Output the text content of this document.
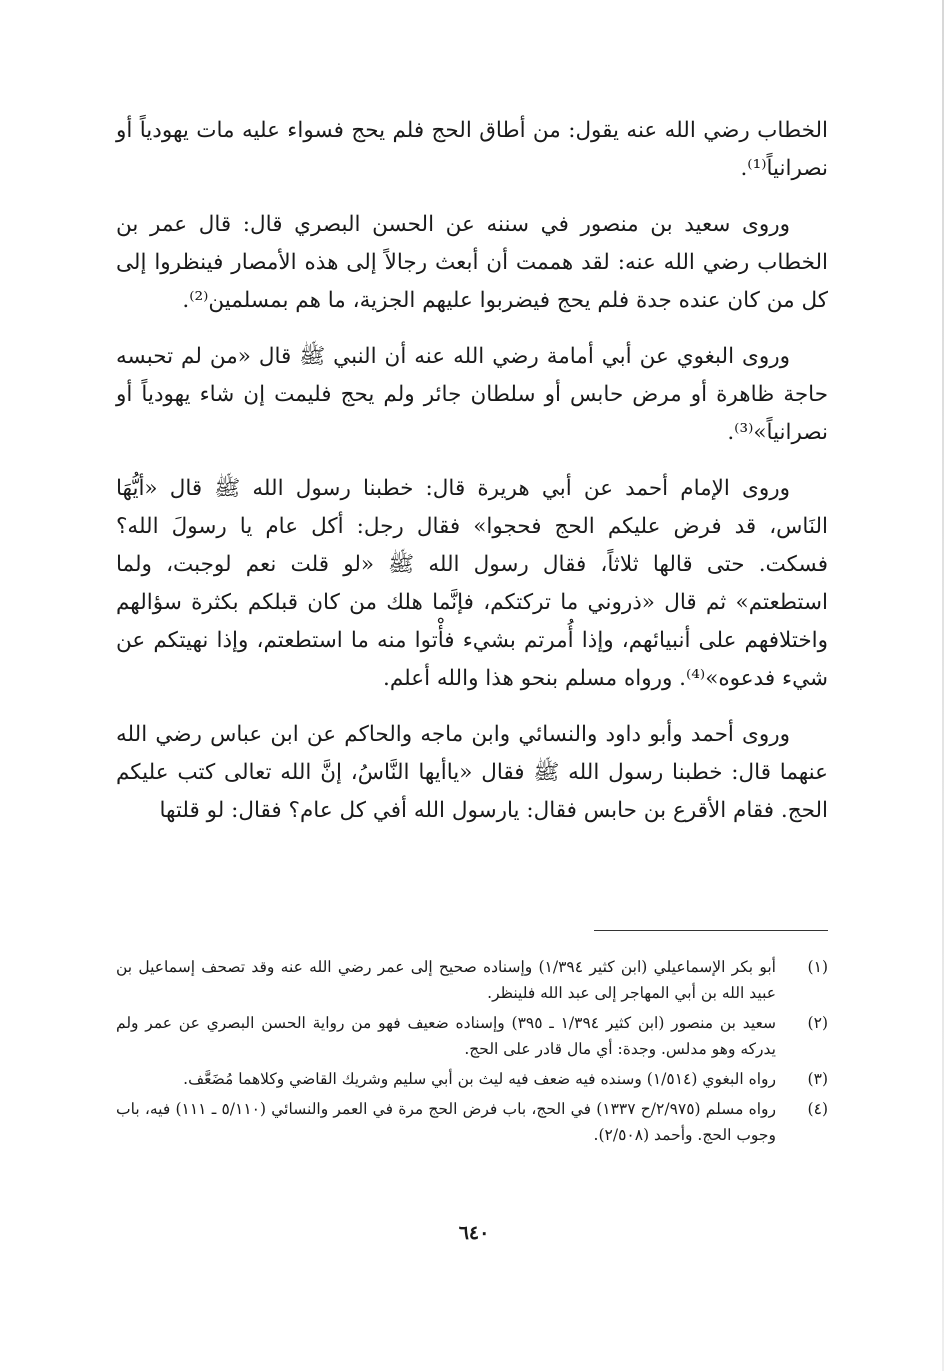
الخطاب رضي الله عنه يقول: من أطاق الحج فلم يحج فسواء عليه مات يهودياً أو نصرانياً⁽¹⁾.

وروى سعيد بن منصور في سننه عن الحسن البصري قال: قال عمر بن الخطاب رضي الله عنه: لقد هممت أن أبعث رجالاً إلى هذه الأمصار فينظروا إلى كل من كان عنده جدة فلم يحج فيضربوا عليهم الجزية، ما هم بمسلمين⁽²⁾.

وروى البغوي عن أبي أمامة رضي الله عنه أن النبي ﷺ قال «من لم تحبسه حاجة ظاهرة أو مرض حابس أو سلطان جائر ولم يحج فليمت إن شاء يهودياً أو نصرانياً»⁽³⁾.

وروى الإمام أحمد عن أبي هريرة قال: خطبنا رسول الله ﷺ قال «أيُّهَا النَاس، قد فرض عليكم الحج فحجوا» فقال رجل: أكل عام يا رسولَ الله؟ فسكت. حتى قالها ثلاثاً، فقال رسول الله ﷺ «لو قلت نعم لوجبت، ولما استطعتم» ثم قال «ذروني ما تركتكم، فإنَّما هلك من كان قبلكم بكثرة سؤالهم واختلافهم على أنبيائهم، وإذا أُمرتم بشيء فأْتوا منه ما استطعتم، وإذا نهيتكم عن شيء فدعوه»⁽⁴⁾. ورواه مسلم بنحو هذا والله أعلم.

وروى أحمد وأبو داود والنسائي وابن ماجه والحاكم عن ابن عباس رضي الله عنهما قال: خطبنا رسول الله ﷺ فقال «ياأيها النَّاسُ، إنَّ الله تعالى كتب عليكم الحج. فقام الأقرع بن حابس فقال: يارسول الله أفي كل عام؟ فقال: لو قلتها

(١)
أبو بكر الإسماعيلي (ابن كثير ١/٣٩٤) وإسناده صحيح إلى عمر رضي الله عنه وقد تصحف إسماعيل بن عبيد الله بن أبي المهاجر إلى عبد الله فلينظر.
(٢)
سعيد بن منصور (ابن كثير ١/٣٩٤ ـ ٣٩٥) وإسناده ضعيف فهو من رواية الحسن البصري عن عمر ولم يدركه وهو مدلس. وجدة: أي مال قادر على الحج.
(٣)
رواه البغوي (١/٥١٤) وسنده فيه ضعف فيه ليث بن أبي سليم وشريك القاضي وكلاهما مُضَعَّف.
(٤)
رواه مسلم (٢/٩٧٥/ح ١٣٣٧) في الحج، باب فرض الحج مرة في العمر والنسائي (٥/١١٠ ـ ١١١) فيه، باب وجوب الحج. وأحمد (٢/٥٠٨).
٦٤٠
